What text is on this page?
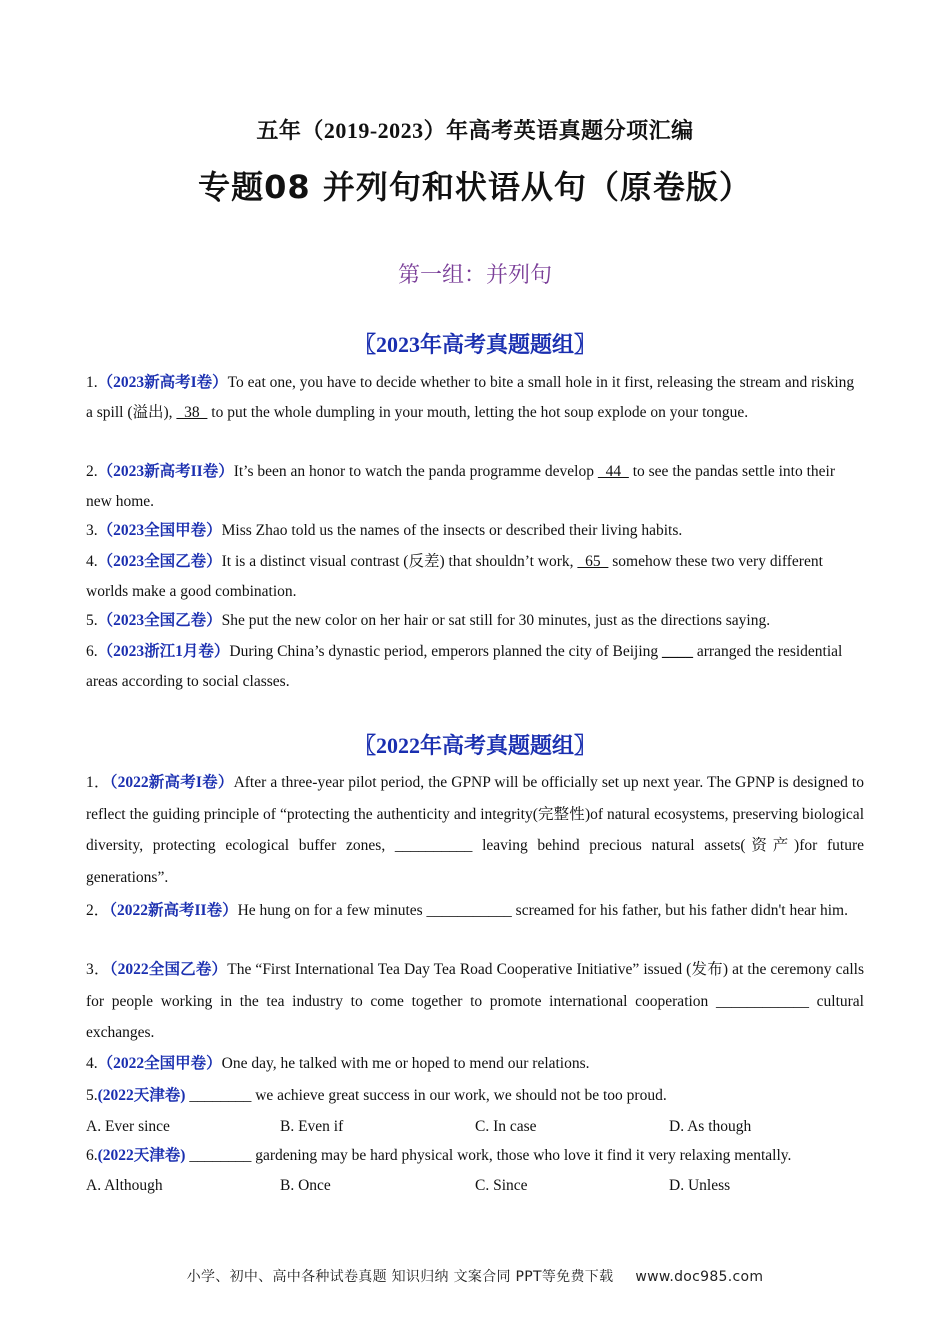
五年（2019-2023）年高考英语真题分项汇编
专题08 并列句和状语从句（原卷版）
第一组：并列句
〖2023年高考真题题组〗
1.（2023新高考I卷）To eat one, you have to decide whether to bite a small hole in it first, releasing the stream and risking a spill (溢出),   38   to put the whole dumpling in your mouth, letting the hot soup explode on your tongue.
2.（2023新高考II卷）It’s been an honor to watch the panda programme develop   44   to see the pandas settle into their new home.
3.（2023全国甲卷）Miss Zhao told us the names of the insects or described their living habits.
4.（2023全国乙卷）It is a distinct visual contrast (反差) that shouldn’t work,   65   somehow these two very different worlds make a good combination.
5.（2023全国乙卷）She put the new color on her hair or sat still for 30 minutes, just as the directions saying.
6.（2023浙江1月卷）During China’s dynastic period, emperors planned the city of Beijing ____ arranged the residential areas according to social classes.
〖2022年高考真题题组〗
1．（2022新高考I卷）After a three-year pilot period, the GPNP will be officially set up next year. The GPNP is designed to reflect the guiding principle of “protecting the authenticity and integrity(完整性)of natural ecosystems, preserving biological diversity, protecting ecological buffer zones, __________ leaving behind precious natural assets(资产)for future generations”.
2．（2022新高考II卷）He hung on for a few minutes ___________ screamed for his father, but his father didn't hear him.
3．（2022全国乙卷）The “First International Tea Day Tea Road Cooperative Initiative” issued (发布) at the ceremony calls for people working in the tea industry to come together to promote international cooperation ____________ cultural exchanges.
4.（2022全国甲卷）One day, he talked with me or hoped to mend our relations.
5.(2022天津卷) ________ we achieve great success in our work, we should not be too proud.
A. Ever since	B. Even if	C. In case	D. As though
6.(2022天津卷) ________ gardening may be hard physical work, those who love it find it very relaxing mentally.
A. Although	B. Once	C. Since	D. Unless
小学、初中、高中各种试卷真题 知识归纳 文案合同 PPT等免费下载 www.doc985.com
